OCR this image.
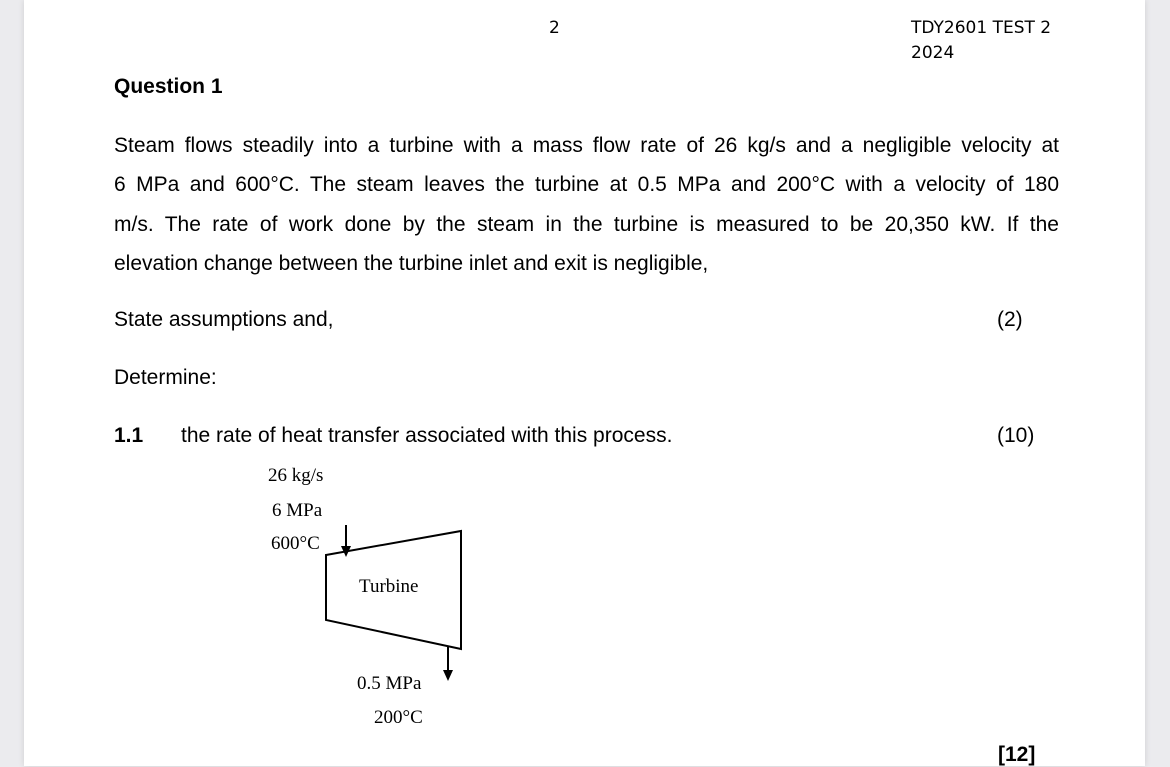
2	TDY2601 TEST 2
2024
Question 1
Steam flows steadily into a turbine with a mass flow rate of 26 kg/s and a negligible velocity at
6 MPa and 600°C. The steam leaves the turbine at 0.5 MPa and 200°C with a velocity of 180
m/s. The rate of work done by the steam in the turbine is measured to be 20,350 kW. If the
elevation change between the turbine inlet and exit is negligible,
State assumptions and,	(2)
Determine:
1.1 the rate of heat transfer associated with this process.	(10)
26 kg/s
6 MPa
600°C
Turbine
0.5 MPa
200°C
[12]
